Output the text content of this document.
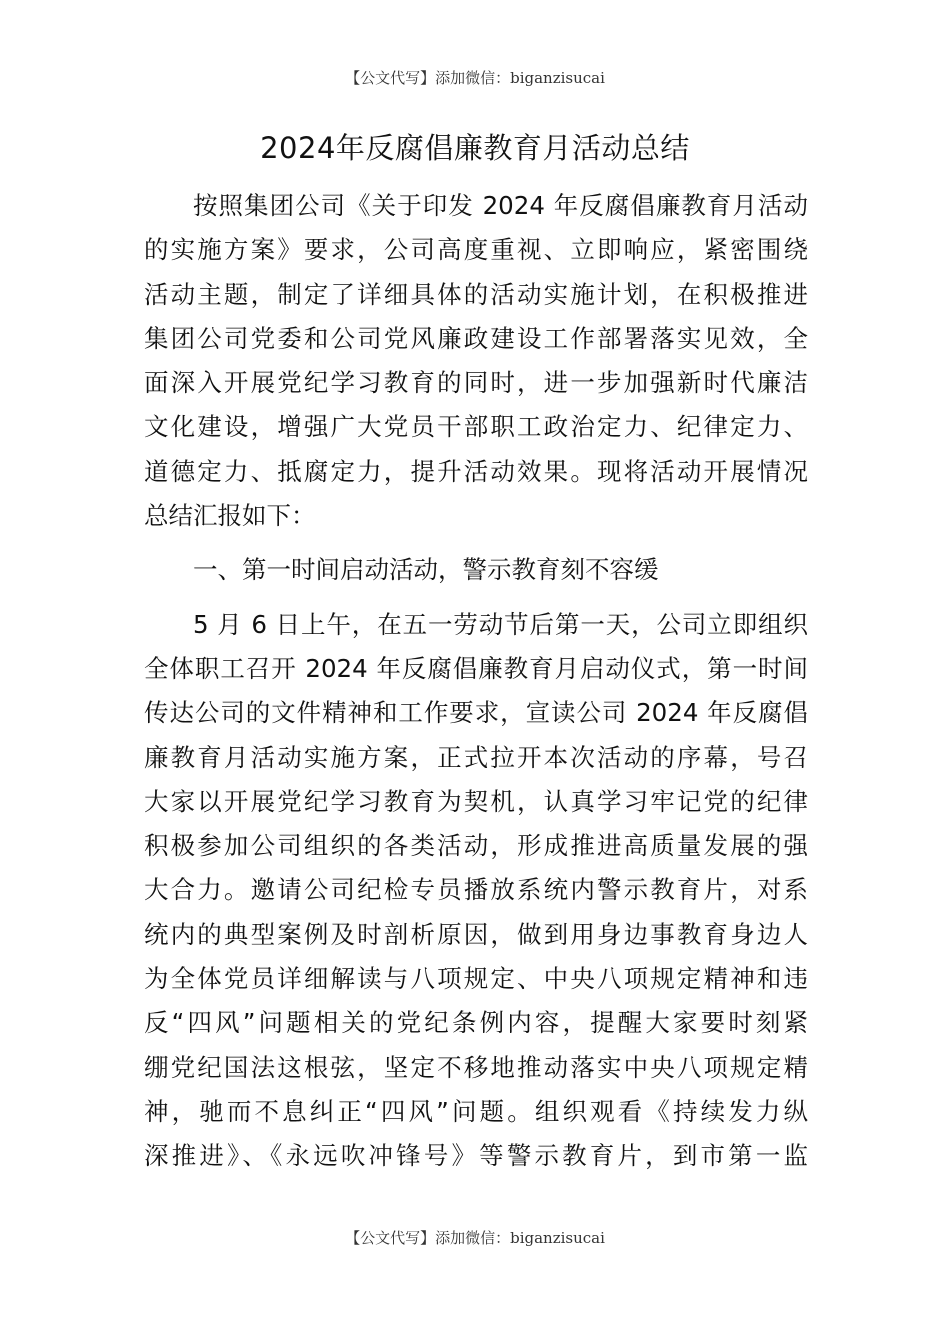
【公文代写】添加微信：biganzisucai
2024年反腐倡廉教育月活动总结
按照集团公司《关于印发 2024 年反腐倡廉教育月活动
的实施方案》要求，公司高度重视、立即响应，紧密围绕
活动主题，制定了详细具体的活动实施计划，在积极推进
集团公司党委和公司党风廉政建设工作部署落实见效，全
面深入开展党纪学习教育的同时，进一步加强新时代廉洁
文化建设，增强广大党员干部职工政治定力、纪律定力、
道德定力、抵腐定力，提升活动效果。现将活动开展情况
总结汇报如下：
一、第一时间启动活动，警示教育刻不容缓
5 月 6 日上午，在五一劳动节后第一天，公司立即组织
全体职工召开 2024 年反腐倡廉教育月启动仪式，第一时间
传达公司的文件精神和工作要求，宣读公司 2024 年反腐倡
廉教育月活动实施方案，正式拉开本次活动的序幕，号召
大家以开展党纪学习教育为契机，认真学习牢记党的纪律
积极参加公司组织的各类活动，形成推进高质量发展的强
大合力。邀请公司纪检专员播放系统内警示教育片，对系
统内的典型案例及时剖析原因，做到用身边事教育身边人
为全体党员详细解读与八项规定、中央八项规定精神和违
反“四风”问题相关的党纪条例内容，提醒大家要时刻紧
绷党纪国法这根弦，坚定不移地推动落实中央八项规定精
神，驰而不息纠正“四风”问题。组织观看《持续发力纵
深推进》、《永远吹冲锋号》等警示教育片，到市第一监
【公文代写】添加微信：biganzisucai
